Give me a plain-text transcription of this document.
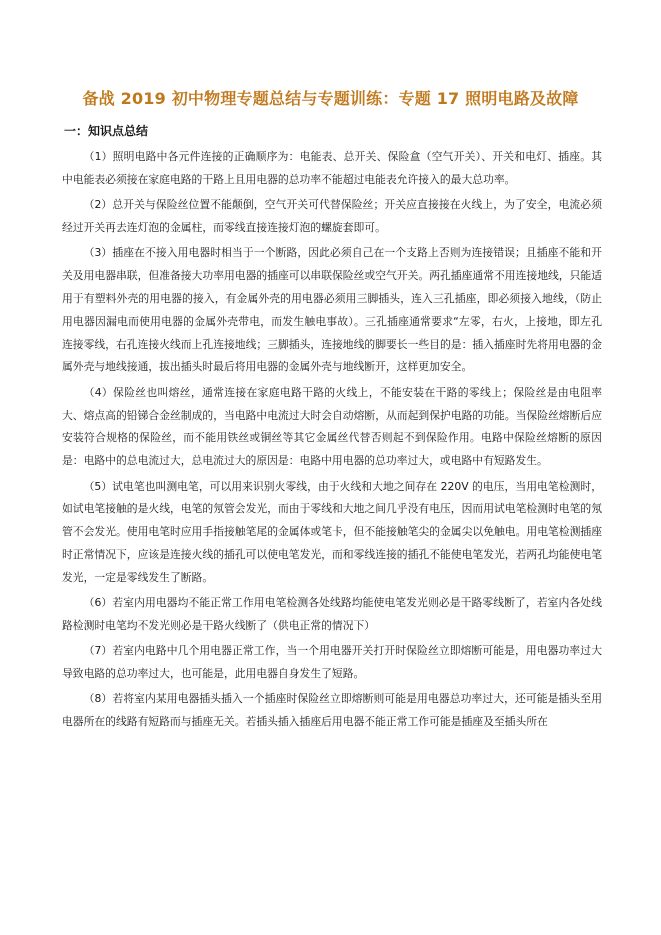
备战 2019 初中物理专题总结与专题训练：专题 17 照明电路及故障
一：知识点总结

（1）照明电路中各元件连接的正确顺序为：电能表、总开关、保险盒（空气开关）、开关和电灯、插座。其中电能表必须接在家庭电路的干路上且用电器的总功率不能超过电能表允许接入的最大总功率。

（2）总开关与保险丝位置不能颠倒，空气开关可代替保险丝；开关应直接接在火线上，为了安全，电流必须经过开关再去连灯泡的金属柱，而零线直接连接灯泡的螺旋套即可。

（3）插座在不接入用电器时相当于一个断路，因此必须自己在一个支路上否则为连接错误；且插座不能和开关及用电器串联，但准备接大功率用电器的插座可以串联保险丝或空气开关。两孔插座通常不用连接地线，只能适用于有塑料外壳的用电器的接入，有金属外壳的用电器必须用三脚插头，连入三孔插座，即必须接入地线，（防止用电器因漏电而使用电器的金属外壳带电，而发生触电事故）。三孔插座通常要求“左零，右火，上接地，即左孔连接零线，右孔连接火线而上孔连接地线；三脚插头，连接地线的脚要长一些目的是：插入插座时先将用电器的金属外壳与地线接通，拔出插头时最后将用电器的金属外壳与地线断开，这样更加安全。

（4）保险丝也叫熔丝，通常连接在家庭电路干路的火线上，不能安装在干路的零线上；保险丝是由电阻率大、熔点高的铅锑合金丝制成的，当电路中电流过大时会自动熔断，从而起到保护电路的功能。当保险丝熔断后应安装符合规格的保险丝，而不能用铁丝或铜丝等其它金属丝代替否则起不到保险作用。电路中保险丝熔断的原因是：电路中的总电流过大，总电流过大的原因是：电路中用电器的总功率过大，或电路中有短路发生。

（5）试电笔也叫测电笔，可以用来识别火零线，由于火线和大地之间存在 220V 的电压，当用电笔检测时，如试电笔接触的是火线，电笔的氖管会发光，而由于零线和大地之间几乎没有电压，因而用试电笔检测时电笔的氖管不会发光。使用电笔时应用手指接触笔尾的金属体或笔卡，但不能接触笔尖的金属尖以免触电。用电笔检测插座时正常情况下，应该是连接火线的插孔可以使电笔发光，而和零线连接的插孔不能使电笔发光，若两孔均能使电笔发光，一定是零线发生了断路。

（6）若室内用电器均不能正常工作用电笔检测各处线路均能使电笔发光则必是干路零线断了，若室内各处线路检测时电笔均不发光则必是干路火线断了（供电正常的情况下）

（7）若室内电路中几个用电器正常工作，当一个用电器开关打开时保险丝立即熔断可能是，用电器功率过大导致电路的总功率过大，也可能是，此用电器自身发生了短路。

（8）若将室内某用电器插头插入一个插座时保险丝立即熔断则可能是用电器总功率过大，还可能是插头至用电器所在的线路有短路而与插座无关。若插头插入插座后用电器不能正常工作可能是插座及至插头所在
